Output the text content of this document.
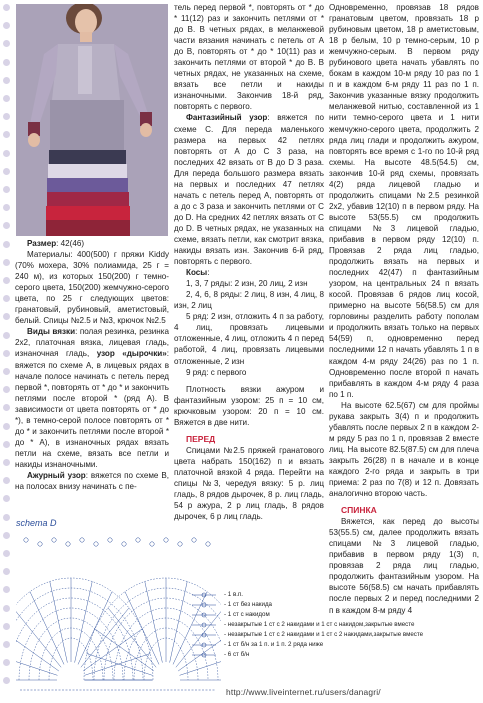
Размер: 42(46)

Материалы: 400(500) г пряжи Kiddy (70% мохера, 30% полиамида, 25 г = 240 м), из которых 150(200) г темно-серого цвета, 150(200) жемчужно-серого цвета, по 25 г следующих цветов: гранатовый, рубиновый, аметистовый, белый. Спицы №2.5 и №3, крючок №2.5

Виды вязки: полая резинка, резинка 2х2, платочная вязка, лицевая гладь, изнаночная гладь, узор «дырочки»: вяжется по схеме А, в лицевых рядах в начале полосе начинать с петель перед первой *, повторять от * до * и закончить петлями после второй * (ряд А). В зависимости от цвета повторять от * до *), в темно-серой полосе повторять от * до * и закончить петлями после второй * до * А), в изнаночных рядах вязать петли на схеме, вязать все петли и накиды изнаночными.

Ажурный узор: вяжется по схеме В, на полосах внизу начинать с пе-

schema D
- 1 в.п.
- 1 ст без накида
- 1 ст с накидом
- незакрытые 1 ст с 2 накидами и 1 ст с накидом,закрытые вместе
- незакрытые 1 ст с 2 накидами и 1 ст с 2 накидами,закрытые вместе
- 1 ст б/н за 1 п. и 1 п. 2 ряда ниже
- 6 ст б/н

тель перед первой *, повторять от * до * 11(12) раз и закончить петлями от * до В. В четных рядах, в меланжевой части вязания начинать с петель от А до В, повторять от * до * 10(11) раз и закончить петлями от второй * до В. В четных рядах, не указанных на схеме, вязать все петли и накиды изнаночными. Закончив 18-й ряд, повторять с первого.

Фантазийный узор: вяжется по схеме С. Для переда маленького размера на первых 42 петлях повторять от А до С 3 раза, на последних 42 вязать от В до D 3 раза. Для переда большого размера вязать на первых и последних 47 петлях начать с петель перед А, повторять от а до с 3 раза и закончить петлями от С до D. На средних 42 петлях вязать от С до D. В четных рядах, не указанных на схеме, вязать петли, как смотрит вязка, накиды вязать изн. Закончив 6-й ряд, повторять с первого.

Косы:

1, 3, 7 ряды: 2 изн, 20 лиц, 2 изн

2, 4, 6, 8 ряды: 2 лиц, 8 изн, 4 лиц, 8 изн, 2 лиц

5 ряд: 2 изн, отложить 4 п за работу, 4 лиц, провязать лицевыми отложенные, 4 лиц, отложить 4 п перед работой, 4 лиц, провязать лицевыми отложенные, 2 изн

9 ряд: с первого

Плотность вязки ажуром и фантазийным узором: 25 п = 10 см, крючковым узором: 20 п = 10 см. Вяжется в две нити.

ПЕРЕД

Спицами №2.5 пряжей гранатового цвета набрать 150(162) п и вязать платочной вязкой 4 ряда. Перейти на спицы №3, чередуя вязку: 5 р. лиц гладь, 8 рядов дырочек, 8 р. лиц гладь, 54 р ажура, 2 р лиц гладь, 8 рядов дырочек, 6 р лиц гладь.

Одновременно, провязав 18 рядов гранатовым цветом, провязать 18 р рубиновым цветом, 18 р аметистовым, 18 р белым, 10 р темно-серым, 10 р жемчужно-серым. В первом ряду рубинового цвета начать убавлять по бокам в каждом 10-м ряду 10 раз по 1 п и в каждом 6-м ряду 11 раз по 1 п. Закончив указанные вязку продолжить меланжевой нитью, составленной из 1 нити темно-серого цвета и 1 нити жемчужно-серого цвета, продолжить 2 ряда лиц глади и продолжить ажуром, повторять все время с 1-го по 10-й ряд схемы. На высоте 48.5(54.5) см, закончив 10-й ряд схемы, провязать 4(2) ряда лицевой гладью и продолжить спицами №2.5 резинкой 2х2, убавив 12(10) п в первом ряду. На высоте 53(55.5) см продолжить спицами №3 лицевой гладью, прибавив в первом ряду 12(10) п. Провязав 2 ряда лиц гладью, продолжить вязать на первых и последних 42(47) п фантазийным узором, на центральных 24 п вязать косой. Провязав 6 рядов лиц косой, примерно на высоте 56(58.5) см для горловины разделить работу пополам и продолжить вязать только на первых 54(59) п, одновременно перед последними 12 п начать убавлять 1 п в каждом 4-м ряду 24(26) раз по 1 п. Одновременно после второй п начать прибавлять в каждом 4-м ряду 4 раза по 1 п.

На высоте 62.5(67) см для проймы рукава закрыть 3(4) п и продолжить убавлять после первых 2 п в каждом 2-м ряду 5 раз по 1 п, провязав 2 вместе лиц. На высоте 82.5(87.5) см для плеча закрыть 26(28) п в начале и в конце каждого 2-го ряда и закрыть в три приема: 2 раз по 7(8) и 12 п. Довязать аналогично второю часть.

СПИНКА

Вяжется, как перед до высоты 53(55.5) см, далее продолжить вязать спицами №3 лицевой гладью, прибавив в первом ряду 1(3) п, провязав 2 ряда лиц гладью, продолжить фантазийным узором. На высоте 56(58.5) см начать прибавлять после первых 2 и перед последними 2 п в каждом 8-м ряду 4

http://www.liveinternet.ru/users/danagri/
